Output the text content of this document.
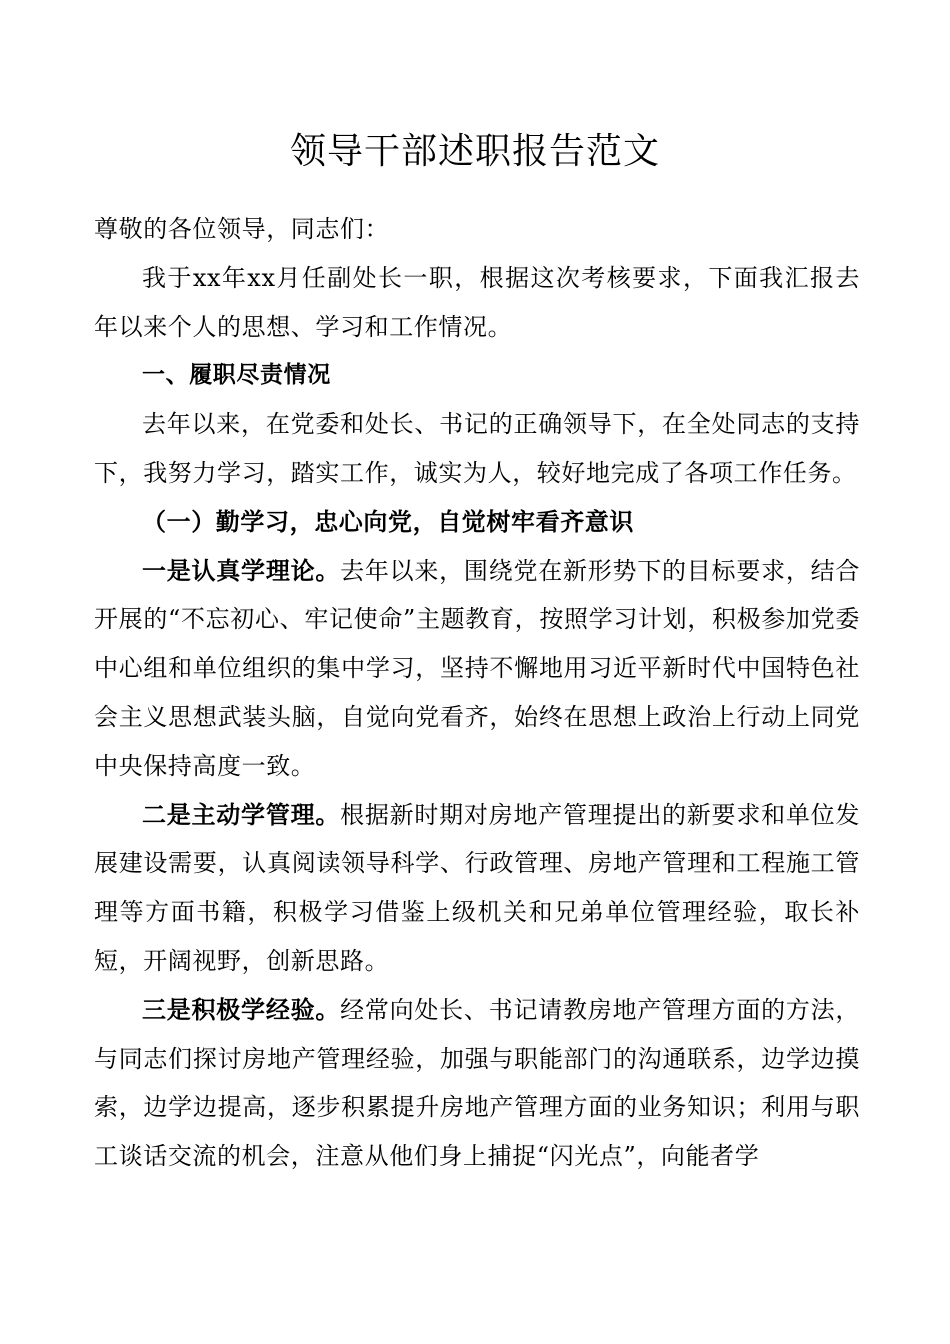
领导干部述职报告范文

尊敬的各位领导，同志们：

我于xx年xx月任副处长一职，根据这次考核要求，下面我汇报去年以来个人的思想、学习和工作情况。

一、履职尽责情况

去年以来，在党委和处长、书记的正确领导下，在全处同志的支持下，我努力学习，踏实工作，诚实为人，较好地完成了各项工作任务。

（一）勤学习，忠心向党，自觉树牢看齐意识

一是认真学理论。去年以来，围绕党在新形势下的目标要求，结合开展的“不忘初心、牢记使命”主题教育，按照学习计划，积极参加党委中心组和单位组织的集中学习，坚持不懈地用习近平新时代中国特色社会主义思想武装头脑，自觉向党看齐，始终在思想上政治上行动上同党中央保持高度一致。

二是主动学管理。根据新时期对房地产管理提出的新要求和单位发展建设需要，认真阅读领导科学、行政管理、房地产管理和工程施工管理等方面书籍，积极学习借鉴上级机关和兄弟单位管理经验，取长补短，开阔视野，创新思路。

三是积极学经验。经常向处长、书记请教房地产管理方面的方法，与同志们探讨房地产管理经验，加强与职能部门的沟通联系，边学边摸索，边学边提高，逐步积累提升房地产管理方面的业务知识；利用与职工谈话交流的机会，注意从他们身上捕捉“闪光点”，向能者学
